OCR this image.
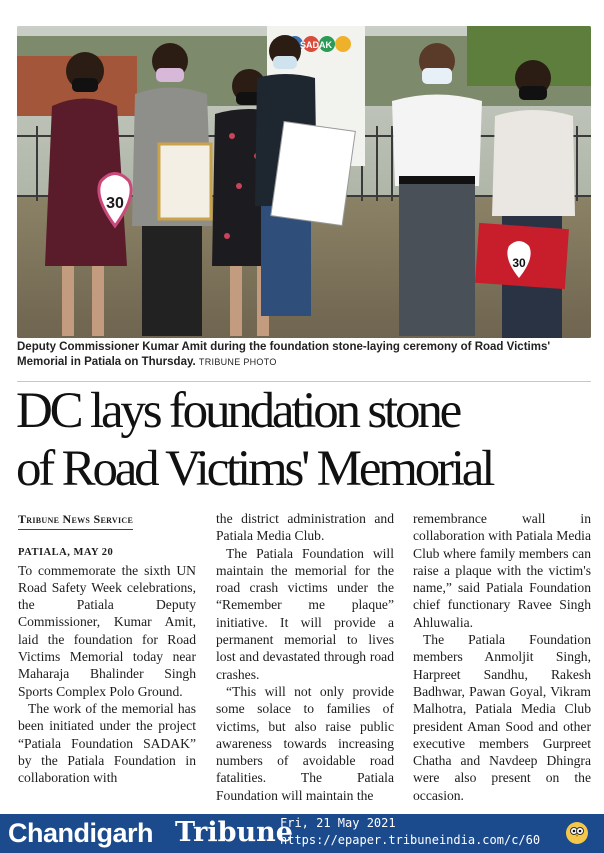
SADAK
30
30
Deputy Commissioner Kumar Amit during the foundation stone-laying ceremony of Road Victims' Memorial in Patiala on Thursday. TRIBUNE PHOTO
DC lays foundation stone
of Road Victims' Memorial
Tribune News Service
PATIALA, MAY 20

To commemorate the sixth UN Road Safety Week celebrations, the Patiala Deputy Commissioner, Kumar Amit, laid the foundation for Road Victims Memorial today near Maharaja Bhalinder Singh Sports Complex Polo Ground.

The work of the memorial has been initiated under the project “Patiala Foundation SADAK” by the Patiala Foundation in collaboration with

the district administration and Patiala Media Club.

The Patiala Foundation will maintain the memorial for the road crash victims under the “Remember me plaque” initiative. It will provide a permanent memorial to lives lost and devastated through road crashes.

“This will not only provide some solace to families of victims, but also raise public awareness towards increasing numbers of avoidable road fatalities. The Patiala Foundation will maintain the

remembrance wall in collaboration with Patiala Media Club where family members can raise a plaque with the victim's name,” said Patiala Foundation chief functionary Ravee Singh Ahluwalia.

The Patiala Foundation members Anmoljit Singh, Harpreet Sandhu, Rakesh Badhwar, Pawan Goyal, Vikram Malhotra, Patiala Media Club president Aman Sood and other executive members Gurpreet Chatha and Navdeep Dhingra were also present on the occasion.

Chandigarh Tribune
Fri, 21 May 2021
https://epaper.tribuneindia.com/c/60
